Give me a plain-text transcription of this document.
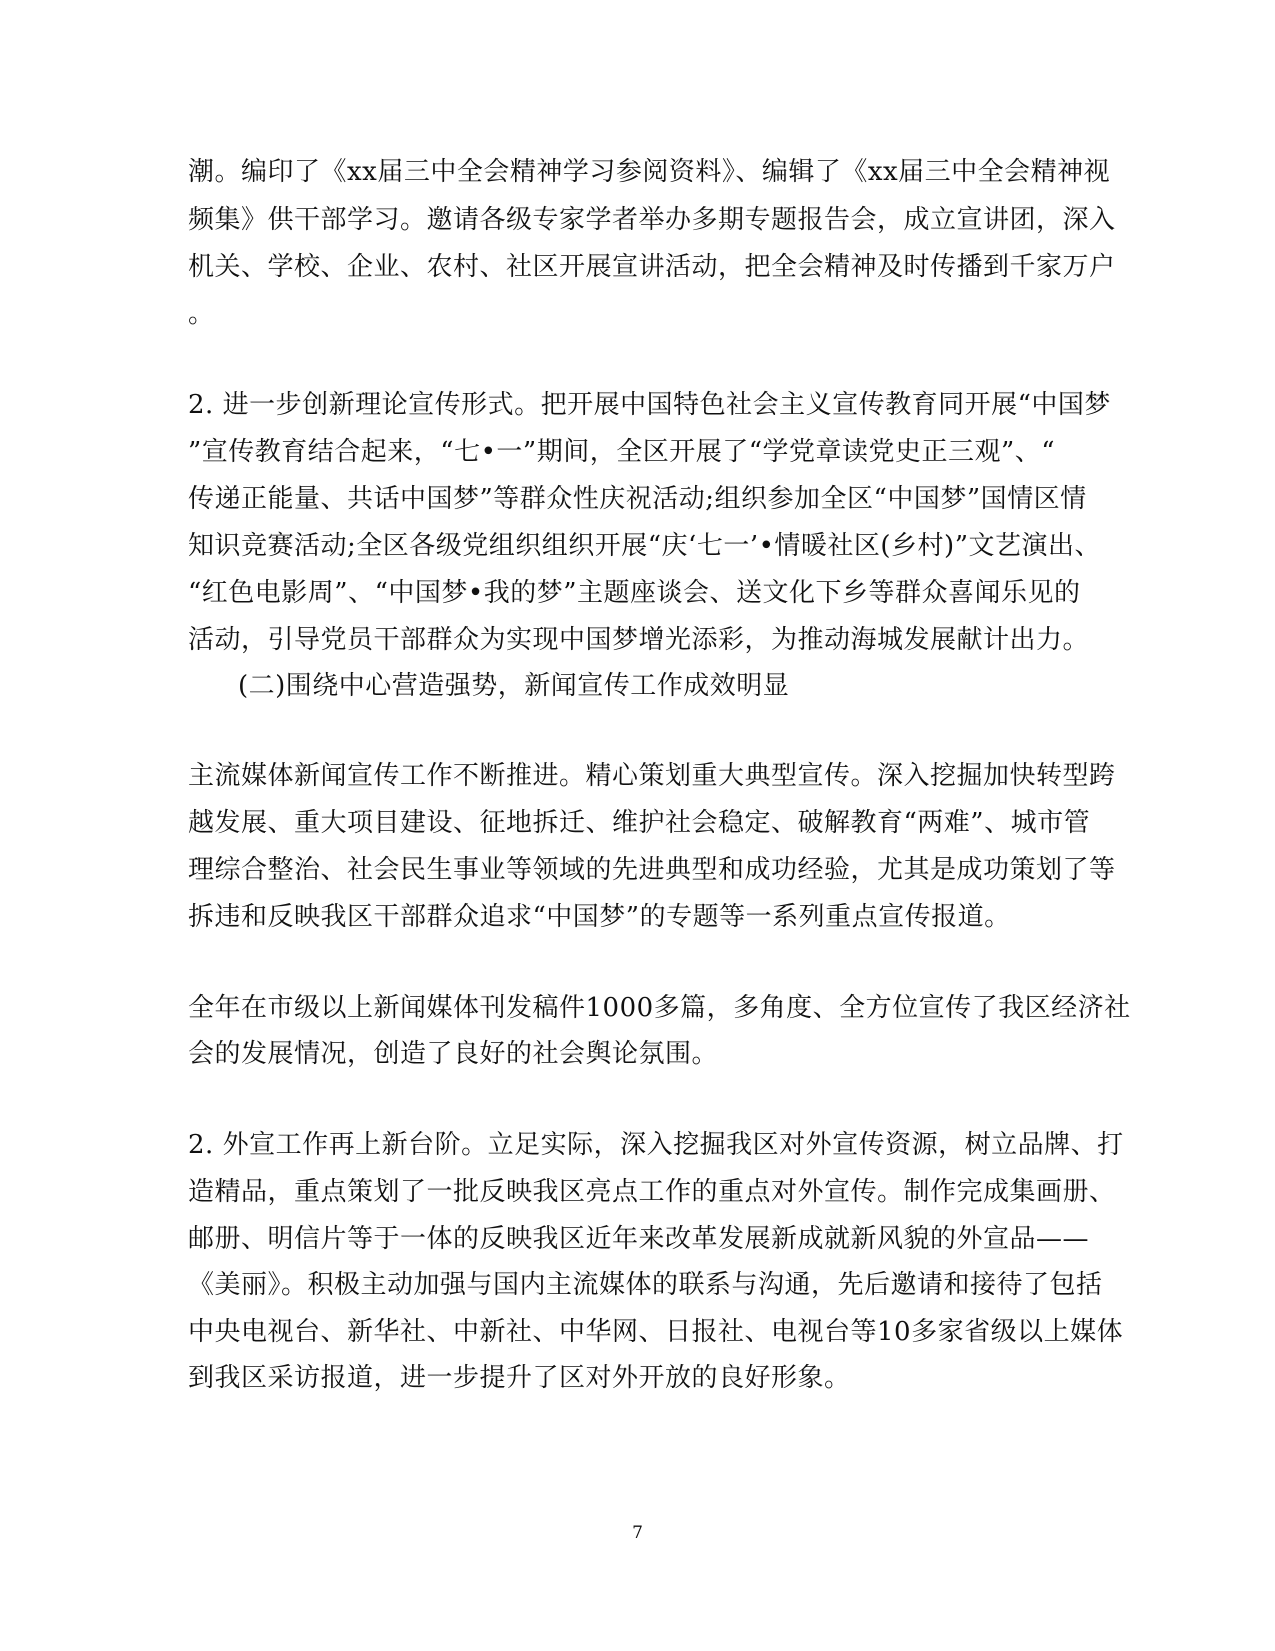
潮。编印了《xx届三中全会精神学习参阅资料》、编辑了《xx届三中全会精神视
频集》供干部学习。邀请各级专家学者举办多期专题报告会，成立宣讲团，深入
机关、学校、企业、农村、社区开展宣讲活动，把全会精神及时传播到千家万户
。
2. 进一步创新理论宣传形式。把开展中国特色社会主义宣传教育同开展“中国梦
”宣传教育结合起来，“七•一”期间，全区开展了“学党章读党史正三观”、“
传递正能量、共话中国梦”等群众性庆祝活动;组织参加全区“中国梦”国情区情
知识竞赛活动;全区各级党组织组织开展“庆‘七一’•情暖社区(乡村)”文艺演出、
“红色电影周”、“中国梦•我的梦”主题座谈会、送文化下乡等群众喜闻乐见的
活动，引导党员干部群众为实现中国梦增光添彩，为推动海城发展献计出力。
(二)围绕中心营造强势，新闻宣传工作成效明显
主流媒体新闻宣传工作不断推进。精心策划重大典型宣传。深入挖掘加快转型跨
越发展、重大项目建设、征地拆迁、维护社会稳定、破解教育“两难”、城市管
理综合整治、社会民生事业等领域的先进典型和成功经验，尤其是成功策划了等
拆违和反映我区干部群众追求“中国梦”的专题等一系列重点宣传报道。
全年在市级以上新闻媒体刊发稿件1000多篇，多角度、全方位宣传了我区经济社
会的发展情况，创造了良好的社会舆论氛围。
2. 外宣工作再上新台阶。立足实际，深入挖掘我区对外宣传资源，树立品牌、打
造精品，重点策划了一批反映我区亮点工作的重点对外宣传。制作完成集画册、
邮册、明信片等于一体的反映我区近年来改革发展新成就新风貌的外宣品——
《美丽》。积极主动加强与国内主流媒体的联系与沟通，先后邀请和接待了包括
中央电视台、新华社、中新社、中华网、日报社、电视台等10多家省级以上媒体
到我区采访报道，进一步提升了区对外开放的良好形象。
7
